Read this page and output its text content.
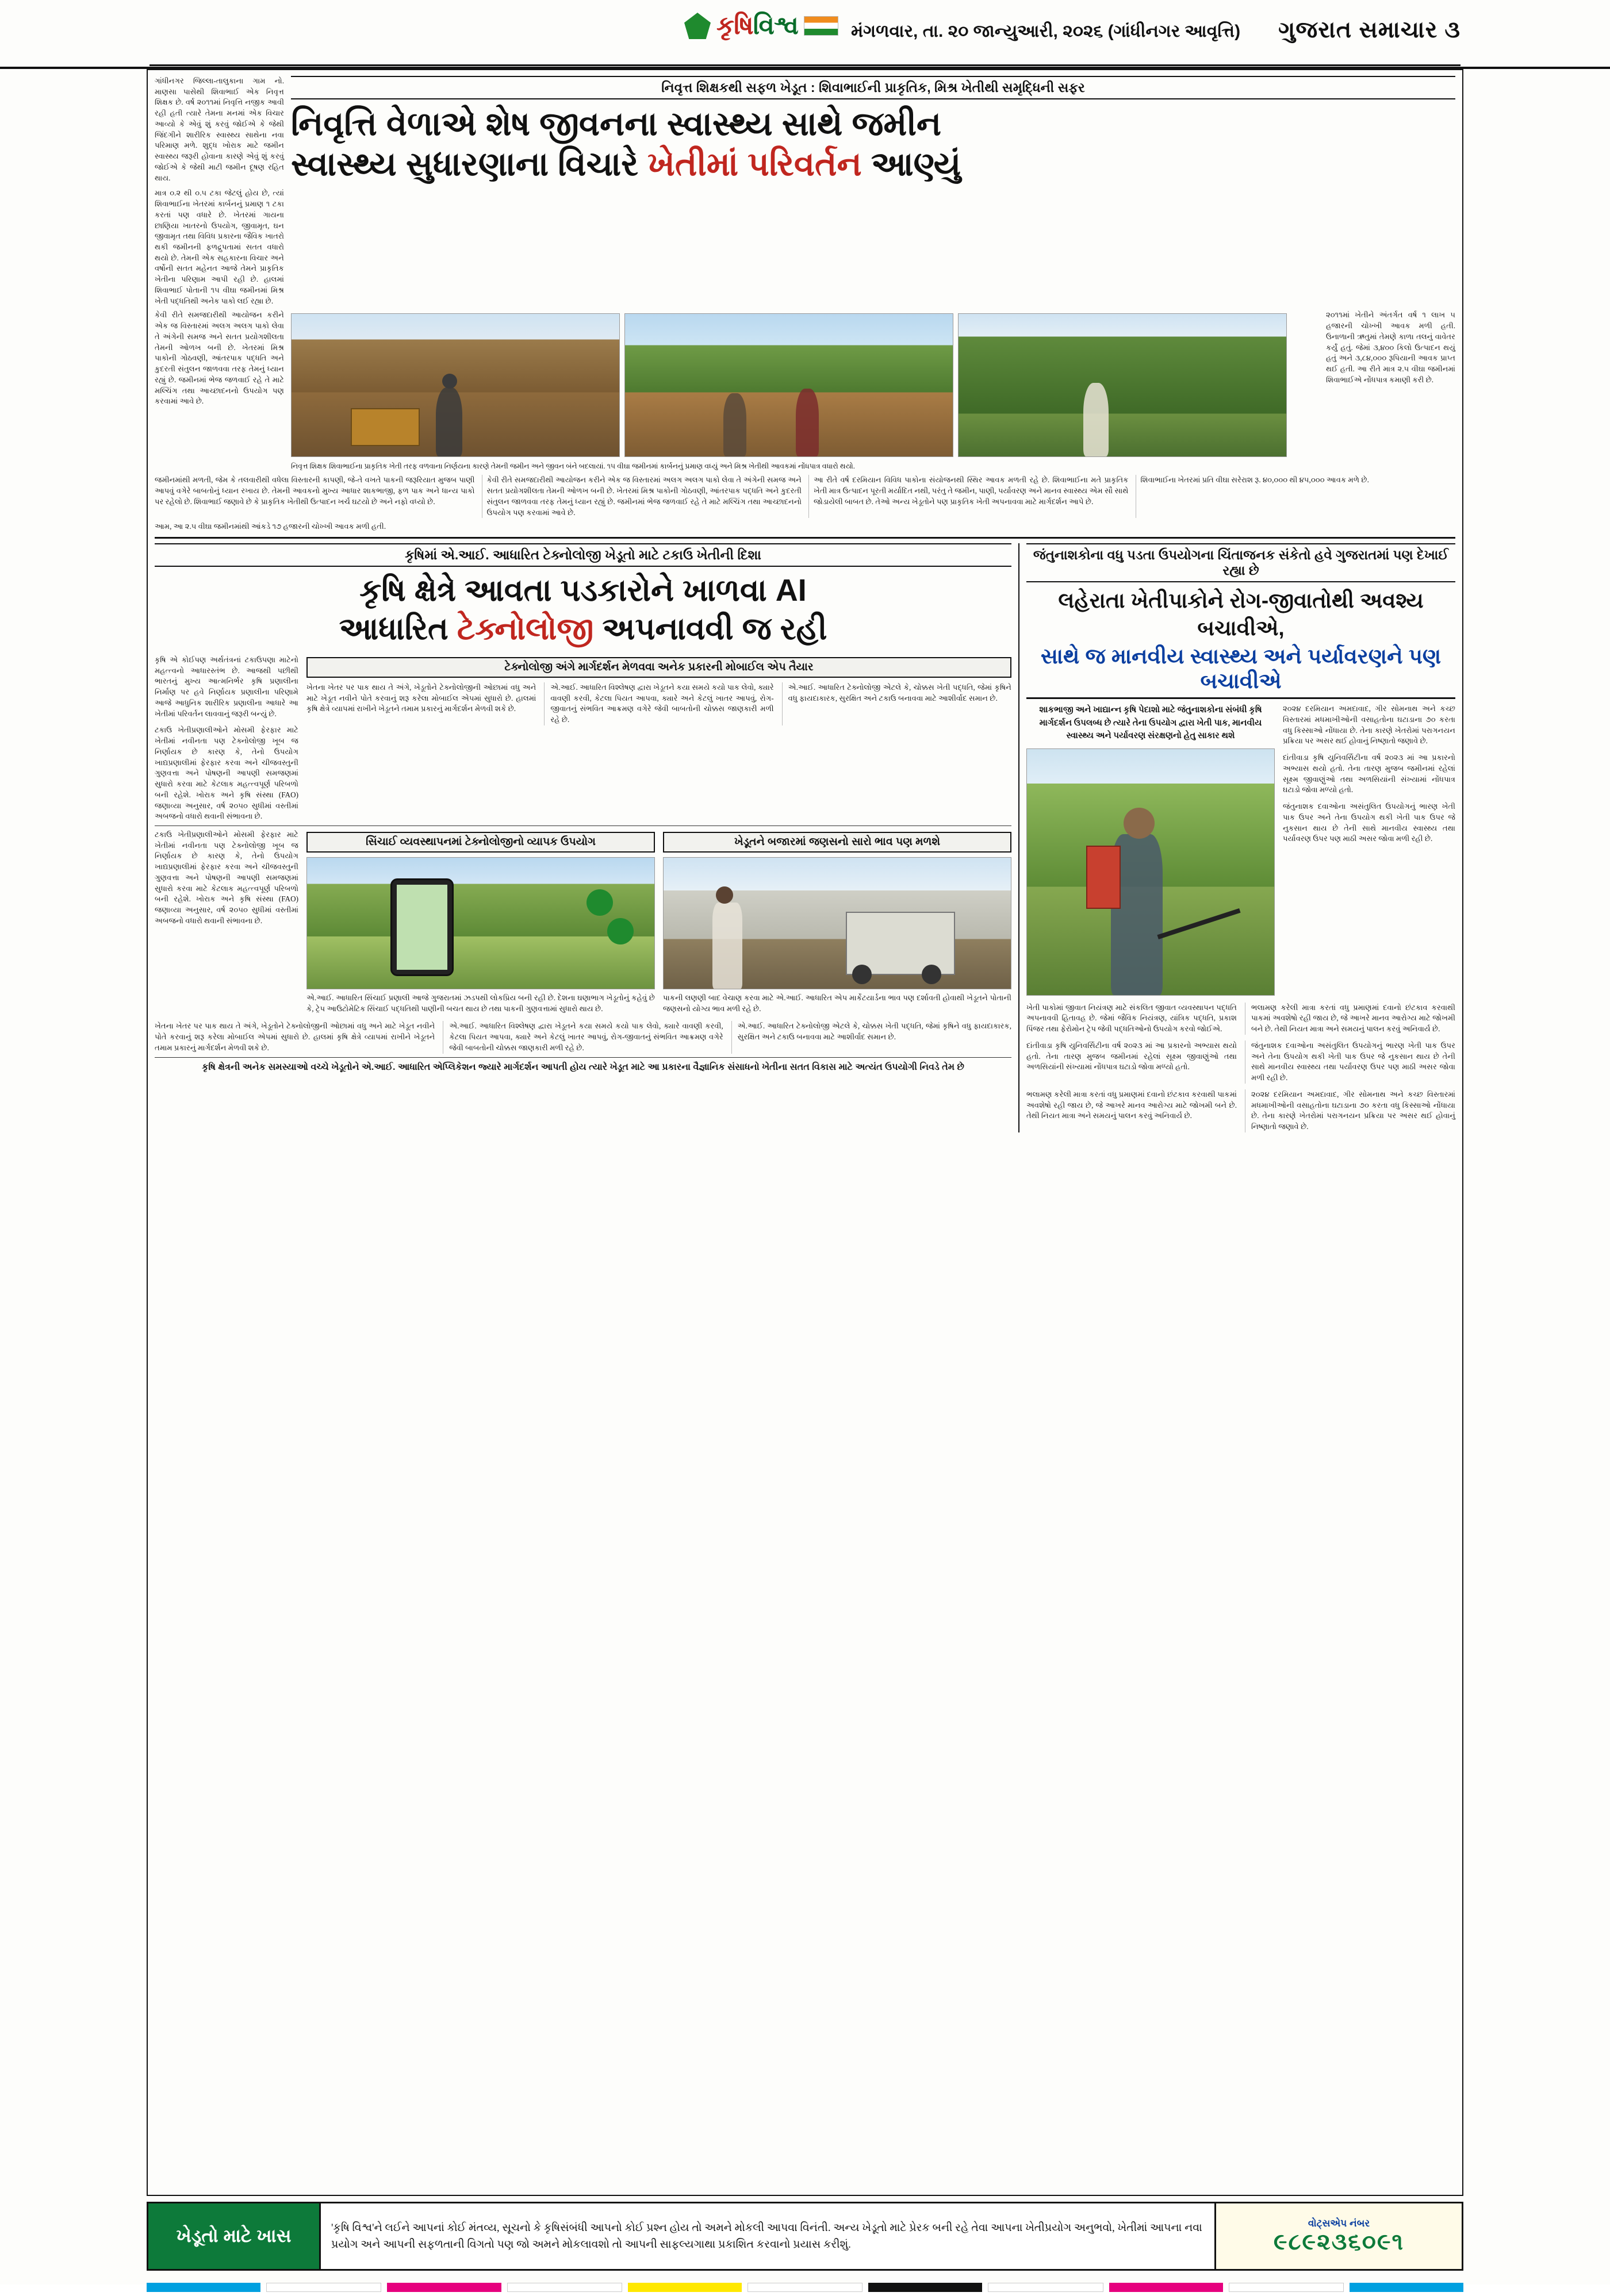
કૃષિવિશ્વ	મંગળવાર, તા. ૨૦ જાન્યુઆરી, ૨૦૨૬ (ગાંધીનગર આવૃત્તિ) ગુજરાત સમાચાર ૩
ગાંધીનગર જિલ્લા-તાલુકાના ગામ નો. માણસા પાસેથી શિવાભાઈ એક નિવૃત્ત શિક્ષક છે. વર્ષ ૨૦૧૧માં નિવૃત્તિ નજીક આવી રહી હતી ત્યારે તેમના મનમાં એક વિચાર આવ્યો કે એવું શું કરવું જોઈએ કે જેથી જિંદગીને શારીરિક સ્વાસ્થ્ય સાથેના નવા પરિમાણ મળે. શુદ્ધ ખોરાક માટે જમીન સ્વાસ્થ્ય જરૂરી હોવાના કારણે એવું શું કરવું જોઈએ કે જેથી માટી જમીન દૂષણ રહિત થાય.
માત્ર ૦.૨ થી ૦.૫ ટકા જેટલું હોય છે, ત્યાં શિવાભાઈના ખેતરમાં કાર્બનનું પ્રમાણ ૧ ટકા કરતાં પણ વધારે છે. ખેતરમાં ગાયના છાણિયા ખાતરનો ઉપયોગ, જીવામૃત, ઘન જીવામૃત તથા વિવિધ પ્રકારના જૈવિક ખાતરો થકી જમીનની ફળદ્રુપતામાં સતત વધારો થયો છે. તેમની એક સહકારના વિચાર અને વર્ષોની સતત મહેનત આજે તેમને પ્રાકૃતિક ખેતીના પરિણામ આપી રહી છે. હાલમાં શિવાભાઈ પોતાની ૧૫ વીઘા જમીનમાં મિશ્ર ખેતી પદ્ધતિથી અનેક પાકો લઈ રહ્યા છે.
નિવૃત્ત શિક્ષકથી સફળ ખેડૂત : શિવાભાઈની પ્રાકૃતિક, મિશ્ર ખેતીથી સમૃદ્ધિની સફર
નિવૃત્તિ વેળાએ શેષ જીવનના સ્વાસ્થ્ય સાથે જમીન
સ્વાસ્થ્ય સુધારણાના વિચારે ખેતીમાં પરિવર્તન આણ્યું
કેવી રીતે સમજદારીથી આયોજન કરીને એક જ વિસ્તારમાં અલગ અલગ પાકો લેવા તે અંગેની સમજ અને સતત પ્રયોગશીલતા તેમની ઓળખ બની છે. ખેતરમાં મિશ્ર પાકોની ગોઠવણી, આંતરપાક પદ્ધતિ અને કુદરતી સંતુલન જાળવવા તરફ તેમનું ધ્યાન રહ્યું છે. જમીનમાં ભેજ જળવાઈ રહે તે માટે મલ્ચિંગ તથા આચ્છાદનનો ઉપયોગ પણ કરવામાં આવે છે.
નિવૃત્ત શિક્ષક શિવાભાઈના પ્રાકૃતિક ખેતી તરફ વળવાના નિર્ણયના કારણે તેમની જમીન અને જીવન બંને બદલાયાં. ૧૫ વીઘા જમીનમાં કાર્બનનું પ્રમાણ વધ્યું અને મિશ્ર ખેતીથી આવકમાં નોંધપાત્ર વધારો થયો.
૨૦૧૧માં ખેતીને અંતર્ગત વર્ષ ૧ લાખ ૫ હજારની ચોખ્ખી આવક મળી હતી. ઉનાળાની ઋતુમાં તેમણે કાળા તલનું વાવેતર કર્યું હતું. જેમાં ૩,૪૦૦ કિલો ઉત્પાદન થયું હતું અને ૩,૮૪,૦૦૦ રૂપિયાની આવક પ્રાપ્ત થઈ હતી. આ રીતે માત્ર ૨.૫ વીઘા જમીનમાં શિવાભાઈએ નોંધપાત્ર કમાણી કરી છે.
જમીનમાંથી મળતી, જેમ કે તલવારીથી વધેલા વિસ્તારની કાપણી, જે-તે વખતે પાકની જરૂરિયાત મુજબ પાણી આપવું વગેરે બાબતોનું ધ્યાન રખાય છે. તેમની આવકનો મુખ્ય આધાર શાકભાજી, ફળ પાક અને ધાન્ય પાકો પર રહેલો છે. શિવાભાઈ જણાવે છે કે પ્રાકૃતિક ખેતીથી ઉત્પાદન ખર્ચ ઘટયો છે અને નફો વધ્યો છે.
કેવી રીતે સમજદારીથી આયોજન કરીને એક જ વિસ્તારમાં અલગ અલગ પાકો લેવા તે અંગેની સમજ અને સતત પ્રયોગશીલતા તેમની ઓળખ બની છે. ખેતરમાં મિશ્ર પાકોની ગોઠવણી, આંતરપાક પદ્ધતિ અને કુદરતી સંતુલન જાળવવા તરફ તેમનું ધ્યાન રહ્યું છે. જમીનમાં ભેજ જળવાઈ રહે તે માટે મલ્ચિંગ તથા આચ્છાદનનો ઉપયોગ પણ કરવામાં આવે છે.
આ રીતે વર્ષ દરમિયાન વિવિધ પાકોના સંયોજનથી સ્થિર આવક મળતી રહે છે. શિવાભાઈના મતે પ્રાકૃતિક ખેતી માત્ર ઉત્પાદન પૂરતી મર્યાદિત નથી, પરંતુ તે જમીન, પાણી, પર્યાવરણ અને માનવ સ્વાસ્થ્ય એમ સૌ સાથે જોડાયેલી બાબત છે. તેઓ અન્ય ખેડૂતોને પણ પ્રાકૃતિક ખેતી અપનાવવા માટે માર્ગદર્શન આપે છે.
શિવાભાઈના ખેતરમાં પ્રતિ વીઘા સરેરાશ રૂ. ૪૦,૦૦૦ થી ૪૫,૦૦૦ આવક મળે છે.
આમ, આ ૨.૫ વીઘા જમીનમાંથી આંકડે ૧૭ હજારની ચોખ્ખી આવક મળી હતી.
કૃષિમાં એ.આઈ. આધારિત ટેક્નોલોજી ખેડૂતો માટે ટકાઉ ખેતીની દિશા
કૃષિ ક્ષેત્રે આવતા પડકારોને ખાળવા AI
આધારિત ટેક્નોલોજી અપનાવવી જ રહી
કૃષિ એ કોઈપણ અર્થતંત્રનાં ટકાઉપણા માટેનો મહત્ત્વનો આધારસ્તંભ છે. આજથી પછીથી ભારતનું મુખ્ય આત્મનિર્ભર કૃષિ પ્રણાલીના નિર્માણ પર હવે નિર્ણાયક પ્રણાલીના પરિણામે આજે આધુનિક શારીરિક પ્રણાલીના આધારે આ ખેતીમાં પરિવર્તન લાવવાનું જરૂરી બન્યું છે.
ટકાઉ ખેતીપ્રણાલીઓને મોસમી ફેરફાર માટે ખેતીમાં નવીનતા પણ ટેક્નોલોજી ખૂબ જ નિર્ણાયક છે કારણ કે, તેનો ઉપયોગ ખાદ્યપ્રણાલીમાં ફેરફાર કરવા અને ચીજવસ્તુની ગુણવત્તા અને પોષણની આપણી સમજણમાં સુધારો કરવા માટે કેટલાક મહત્ત્વપૂર્ણ પરિબળો બની રહેશે. ખોરાક અને કૃષિ સંસ્થા (FAO) જણાવ્યા અનુસાર, વર્ષ ૨૦૫૦ સુધીમાં વસ્તીમાં અબજનો વધારો થવાની સંભાવના છે.
ટેક્નોલોજી અંગે માર્ગદર્શન મેળવવા અનેક પ્રકારની મોબાઈલ એપ તૈયાર
ખેતના ખેતર પર પાક થાય તે અંગે, ખેડૂતોને ટેક્નોલોજીની ઓછામાં વધુ અને માટે ખેડૂત નવીને પોતે કરવાનું શરૂ કરેલા મોબાઈલ એપમાં સુધારો છે. હાલમાં કૃષિ ક્ષેત્રે વ્યાપમાં રાખીને ખેડૂતને તમામ પ્રકારનું માર્ગદર્શન મેળવી શકે છે.
એ.આઈ. આધારિત વિશ્લેષણ દ્વારા ખેડૂતને કયા સમયે કયો પાક લેવો, ક્યારે વાવણી કરવી, કેટલા પિયત આપવા, ક્યારે અને કેટલું ખાતર આપવું, રોગ-જીવાતનું સંભવિત આક્રમણ વગેરે જેવી બાબતોની ચોક્કસ જાણકારી મળી રહે છે.
એ.આઈ. આધારિત ટેક્નોલોજી એટલે કે, ચોક્કસ ખેતી પદ્ધતિ, જેમાં કૃષિને વધુ ફાયદાકારક, સુરક્ષિત અને ટકાઉ બનાવવા માટે આશીર્વાદ સમાન છે.
ટકાઉ ખેતીપ્રણાલીઓને મોસમી ફેરફાર માટે ખેતીમાં નવીનતા પણ ટેક્નોલોજી ખૂબ જ નિર્ણાયક છે કારણ કે, તેનો ઉપયોગ ખાદ્યપ્રણાલીમાં ફેરફાર કરવા અને ચીજવસ્તુની ગુણવત્તા અને પોષણની આપણી સમજણમાં સુધારો કરવા માટે કેટલાક મહત્ત્વપૂર્ણ પરિબળો બની રહેશે. ખોરાક અને કૃષિ સંસ્થા (FAO) જણાવ્યા અનુસાર, વર્ષ ૨૦૫૦ સુધીમાં વસ્તીમાં અબજનો વધારો થવાની સંભાવના છે.
સિંચાઈ વ્યવસ્થાપનમાં ટેક્નોલોજીનો વ્યાપક ઉપયોગ
એ.આઈ. આધારિત સિંચાઈ પ્રણાલી આજે ગુજરાતમાં ઝડપથી લોકપ્રિય બની રહી છે. દેશના ઘણાભાગ ખેડૂતોનું કહેવું છે કે, ટ્રેપ આઉટોમેટિક સિંચાઈ પદ્ધતિથી પાણીની બચત થાય છે તથા પાકની ગુણવત્તામાં સુધારો થાય છે.
ખેડૂતને બજારમાં જણસનો સારો ભાવ પણ મળશે
પાકની લણણી બાદ વેચાણ કરવા માટે એ.આઈ. આધારિત એપ માર્કેટયાર્ડના ભાવ પણ દર્શાવતી હોવાથી ખેડૂતને પોતાની જણસનો યોગ્ય ભાવ મળી રહે છે.
ખેતના ખેતર પર પાક થાય તે અંગે, ખેડૂતોને ટેક્નોલોજીની ઓછામાં વધુ અને માટે ખેડૂત નવીને પોતે કરવાનું શરૂ કરેલા મોબાઈલ એપમાં સુધારો છે. હાલમાં કૃષિ ક્ષેત્રે વ્યાપમાં રાખીને ખેડૂતને તમામ પ્રકારનું માર્ગદર્શન મેળવી શકે છે.
એ.આઈ. આધારિત વિશ્લેષણ દ્વારા ખેડૂતને કયા સમયે કયો પાક લેવો, ક્યારે વાવણી કરવી, કેટલા પિયત આપવા, ક્યારે અને કેટલું ખાતર આપવું, રોગ-જીવાતનું સંભવિત આક્રમણ વગેરે જેવી બાબતોની ચોક્કસ જાણકારી મળી રહે છે.
એ.આઈ. આધારિત ટેક્નોલોજી એટલે કે, ચોક્કસ ખેતી પદ્ધતિ, જેમાં કૃષિને વધુ ફાયદાકારક, સુરક્ષિત અને ટકાઉ બનાવવા માટે આશીર્વાદ સમાન છે.
કૃષિ ક્ષેત્રની અનેક સમસ્યાઓ વચ્ચે ખેડૂતોને એ.આઈ. આધારિત એપ્લિકેશન જ્યારે માર્ગદર્શન આપતી હોય ત્યારે ખેડૂત માટે આ પ્રકારના વૈજ્ઞાનિક સંસાધનો ખેતીના સતત વિકાસ માટે અત્યંત ઉપયોગી નિવડે તેમ છે
જંતુનાશકોના વધુ પડતા ઉપયોગના ચિંતાજનક સંકેતો હવે ગુજરાતમાં પણ દેખાઈ રહ્યા છે
લહેરાતા ખેતીપાકોને રોગ-જીવાતોથી અવશ્ય બચાવીએ,
સાથે જ માનવીય સ્વાસ્થ્ય અને પર્યાવરણને પણ બચાવીએ
શાકભાજી અને ખાદ્યાન્ન કૃષિ પેદાશો માટે જંતુનાશકોના સંબંધી કૃષિ માર્ગદર્શન ઉપલબ્ધ છે ત્યારે તેના ઉપયોગ દ્વારા ખેતી પાક, માનવીય સ્વાસ્થ્ય અને પર્યાવરણ સંરક્ષણનો હેતુ સાકાર થશે
૨૦૨૪ દરમિયાન અમદાવાદ, ગીર સોમનાથ અને કચ્છ વિસ્તારમાં મધમાખીઓની વસાહતોના ઘટાડાના ૭૦ કરતા વધુ કિસ્સાઓ નોંધાયા છે. તેના કારણે ખેતરોમાં પરાગનયન પ્રક્રિયા પર અસર થઈ હોવાનું નિષ્ણાતો જણાવે છે.
દાંતીવાડા કૃષિ યુનિવર્સિટીના વર્ષ ૨૦૨૩ માં આ પ્રકારનો અભ્યાસ થયો હતો. તેના તારણ મુજબ જમીનમાં રહેલાં સૂક્ષ્મ જીવાણુંઓ તથા અળસિયાંની સંખ્યામાં નોંધપાત્ર ઘટાડો જોવા મળ્યો હતો.
જંતુનાશક દવાઓના અસંતુલિત ઉપયોગનું ભારણ ખેતી પાક ઉપર અને તેના ઉપયોગ થકી ખેતી પાક ઉપર જે નુકસાન થાય છે તેની સાથે માનવીય સ્વાસ્થ્ય તથા પર્યાવરણ ઉપર પણ માઠી અસર જોવા મળી રહી છે.
ખેતી પાકોમાં જીવાત નિયંત્રણ માટે સંકલિત જીવાત વ્યવસ્થાપન પદ્ધતિ અપનાવવી હિતાવહ છે. જેમાં જૈવિક નિયંત્રણ, યાંત્રિક પદ્ધતિ, પ્રકાશ પિંજર તથા ફેરોમોન ટ્રેપ જેવી પદ્ધતિઓનો ઉપયોગ કરવો જોઈએ.
ભલામણ કરેલી માત્રા કરતાં વધુ પ્રમાણમાં દવાનો છંટકાવ કરવાથી પાકમાં અવશેષો રહી જાય છે, જે આખરે માનવ આરોગ્ય માટે જોખમી બને છે. તેથી નિયત માત્રા અને સમયનું પાલન કરવું અનિવાર્ય છે.
દાંતીવાડા કૃષિ યુનિવર્સિટીના વર્ષ ૨૦૨૩ માં આ પ્રકારનો અભ્યાસ થયો હતો. તેના તારણ મુજબ જમીનમાં રહેલાં સૂક્ષ્મ જીવાણુંઓ તથા અળસિયાંની સંખ્યામાં નોંધપાત્ર ઘટાડો જોવા મળ્યો હતો.
જંતુનાશક દવાઓના અસંતુલિત ઉપયોગનું ભારણ ખેતી પાક ઉપર અને તેના ઉપયોગ થકી ખેતી પાક ઉપર જે નુકસાન થાય છે તેની સાથે માનવીય સ્વાસ્થ્ય તથા પર્યાવરણ ઉપર પણ માઠી અસર જોવા મળી રહી છે.
ભલામણ કરેલી માત્રા કરતાં વધુ પ્રમાણમાં દવાનો છંટકાવ કરવાથી પાકમાં અવશેષો રહી જાય છે, જે આખરે માનવ આરોગ્ય માટે જોખમી બને છે. તેથી નિયત માત્રા અને સમયનું પાલન કરવું અનિવાર્ય છે.
૨૦૨૪ દરમિયાન અમદાવાદ, ગીર સોમનાથ અને કચ્છ વિસ્તારમાં મધમાખીઓની વસાહતોના ઘટાડાના ૭૦ કરતા વધુ કિસ્સાઓ નોંધાયા છે. તેના કારણે ખેતરોમાં પરાગનયન પ્રક્રિયા પર અસર થઈ હોવાનું નિષ્ણાતો જણાવે છે.
ખેડૂતો માટે ખાસ	'કૃષિ વિશ્વ'ને લઈને આપનાં કોઈ મંતવ્ય, સૂચનો કે કૃષિસંબંધી આપનો કોઈ પ્રશ્ન હોય તો અમને મોકલી આપવા વિનંતી. અન્ય ખેડૂતો માટે પ્રેરક બની રહે તેવા આપના ખેતીપ્રયોગ અનુભવો, ખેતીમાં આપના નવા પ્રયોગ અને આપની સફળતાની વિગતો પણ જો અમને મોકલાવશો તો આપની સાફલ્યગાથા પ્રકાશિત કરવાનો પ્રયાસ કરીશું.
વોટ્સએપ નંબર
૯૮૯૨૩૬૦૯૧
